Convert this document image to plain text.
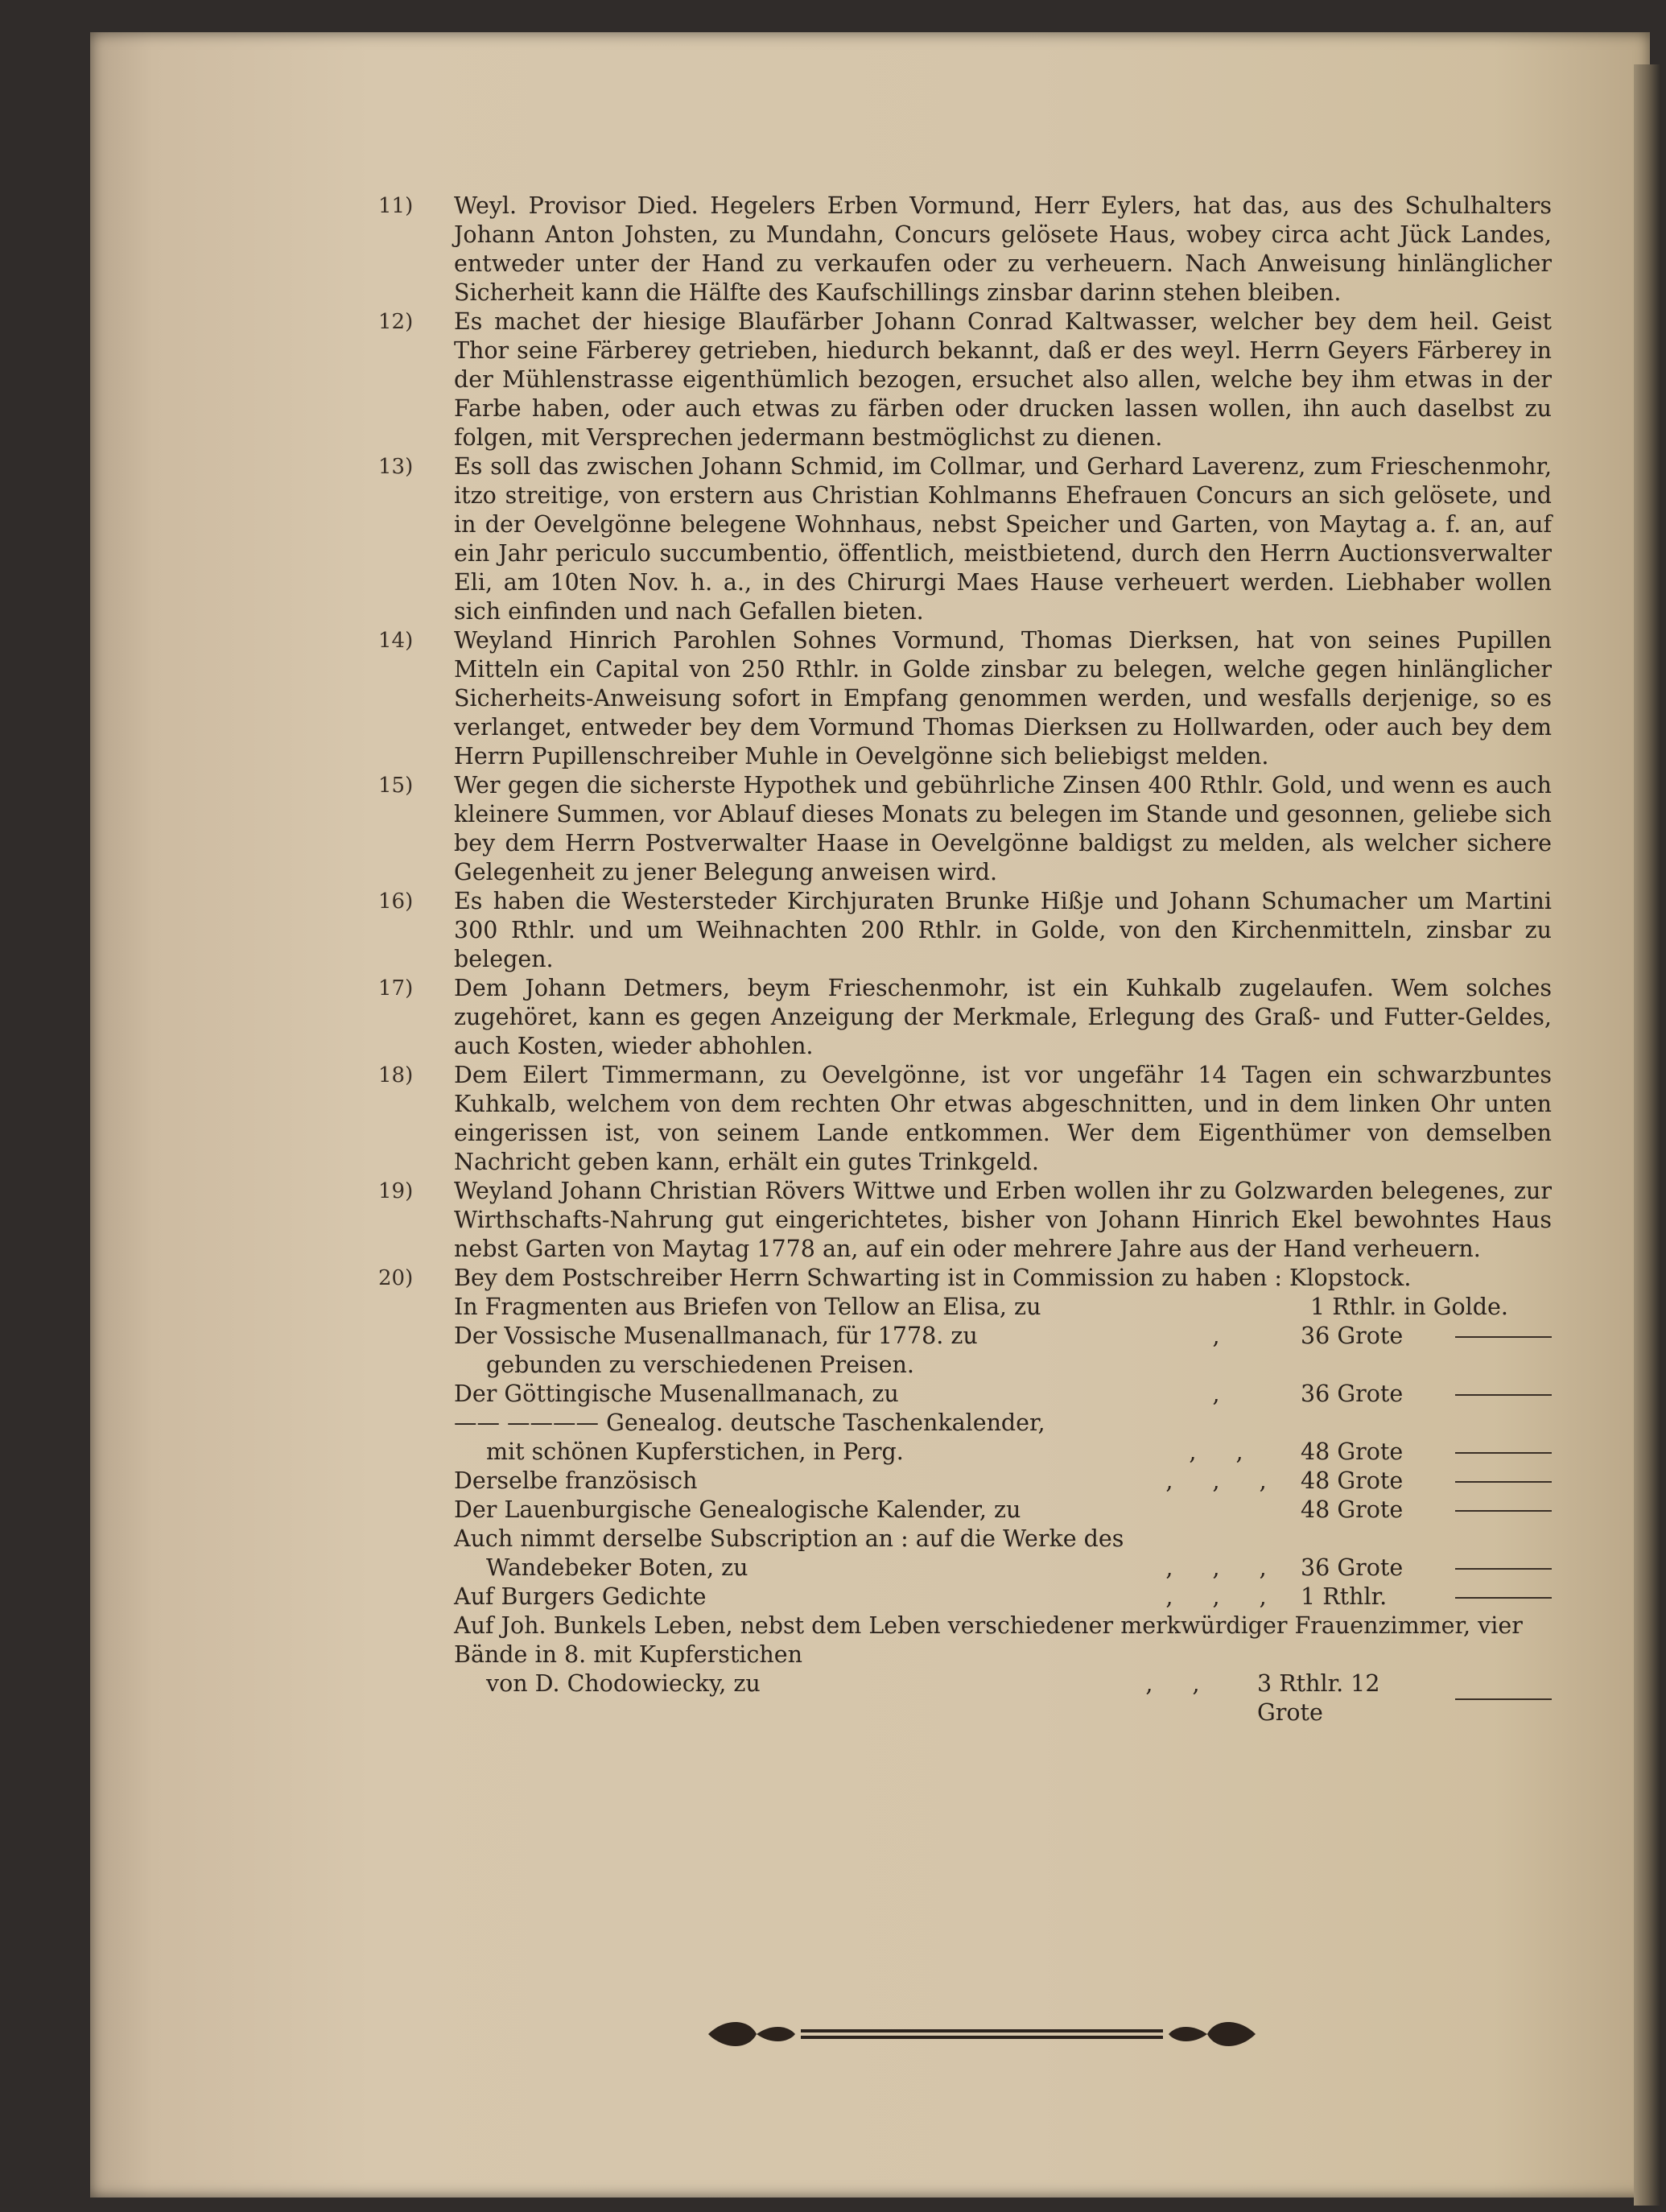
11)	Weyl. Provisor Died. Hegelers Erben Vormund, Herr Eylers, hat das, aus des Schulhalters Johann Anton Johsten, zu Mundahn, Concurs gelösete Haus, wobey circa acht Jück Landes, entweder unter der Hand zu verkaufen oder zu verheuern. Nach Anweisung hinlänglicher Sicherheit kann die Hälfte des Kaufschillings zinsbar darinn stehen bleiben.

12)	Es machet der hiesige Blaufärber Johann Conrad Kaltwasser, welcher bey dem heil. Geist Thor seine Färberey getrieben, hiedurch bekannt, daß er des weyl. Herrn Geyers Färberey in der Mühlenstrasse eigenthümlich bezogen, ersuchet also allen, welche bey ihm etwas in der Farbe haben, oder auch etwas zu färben oder drucken lassen wollen, ihn auch daselbst zu folgen, mit Versprechen jedermann bestmöglichst zu dienen.

13)	Es soll das zwischen Johann Schmid, im Collmar, und Gerhard Laverenz, zum Frieschenmohr, itzo streitige, von erstern aus Christian Kohlmanns Ehefrauen Concurs an sich gelösete, und in der Oevelgönne belegene Wohnhaus, nebst Speicher und Garten, von Maytag a. f. an, auf ein Jahr periculo succumbentio, öffentlich, meistbietend, durch den Herrn Auctionsverwalter Eli, am 10ten Nov. h. a., in des Chirurgi Maes Hause verheuert werden. Liebhaber wollen sich einfinden und nach Gefallen bieten.

14)	Weyland Hinrich Parohlen Sohnes Vormund, Thomas Dierksen, hat von seines Pupillen Mitteln ein Capital von 250 Rthlr. in Golde zinsbar zu belegen, welche gegen hinlänglicher Sicherheits-Anweisung sofort in Empfang genommen werden, und wesfalls derjenige, so es verlanget, entweder bey dem Vormund Thomas Dierksen zu Hollwarden, oder auch bey dem Herrn Pupillenschreiber Muhle in Oevelgönne sich beliebigst melden.

15)	Wer gegen die sicherste Hypothek und gebührliche Zinsen 400 Rthlr. Gold, und wenn es auch kleinere Summen, vor Ablauf dieses Monats zu belegen im Stande und gesonnen, geliebe sich bey dem Herrn Postverwalter Haase in Oevelgönne baldigst zu melden, als welcher sichere Gelegenheit zu jener Belegung anweisen wird.

16)	Es haben die Westersteder Kirchjuraten Brunke Hißje und Johann Schumacher um Martini 300 Rthlr. und um Weihnachten 200 Rthlr. in Golde, von den Kirchenmitteln, zinsbar zu belegen.

17)	Dem Johann Detmers, beym Frieschenmohr, ist ein Kuhkalb zugelaufen. Wem solches zugehöret, kann es gegen Anzeigung der Merkmale, Erlegung des Graß- und Futter-Geldes, auch Kosten, wieder abhohlen.

18)	Dem Eilert Timmermann, zu Oevelgönne, ist vor ungefähr 14 Tagen ein schwarzbuntes Kuhkalb, welchem von dem rechten Ohr etwas abgeschnitten, und in dem linken Ohr unten eingerissen ist, von seinem Lande entkommen. Wer dem Eigenthümer von demselben Nachricht geben kann, erhält ein gutes Trinkgeld.

19)	Weyland Johann Christian Rövers Wittwe und Erben wollen ihr zu Golzwarden belegenes, zur Wirthschafts-Nahrung gut eingerichtetes, bisher von Johann Hinrich Ekel bewohntes Haus nebst Garten von Maytag 1778 an, auf ein oder mehrere Jahre aus der Hand verheuern.

20)	Bey dem Postschreiber Herrn Schwarting ist in Commission zu haben : Klopstock.

In Fragmenten aus Briefen von Tellow an Elisa, zu	1 Rthlr. in Golde.
Der Vossische Musenallmanach, für 1778. zu	,	36 Grote
gebunden zu verschiedenen Preisen.
Der Göttingische Musenallmanach, zu	,	36 Grote
—— ———— Genealog. deutsche Taschenkalender,
mit schönen Kupferstichen, in Perg.	, ,	48 Grote
Derselbe französisch	, , , 48 Grote
Der Lauenburgische Genealogische Kalender, zu	48 Grote
Auch nimmt derselbe Subscription an : auf die Werke des
Wandebeker Boten, zu	, , , 36 Grote
Auf Burgers Gedichte	, , , 1 Rthlr.
Auf Joh. Bunkels Leben, nebst dem Leben verschiedener merkwürdiger Frauenzimmer, vier Bände in 8. mit Kupferstichen
von D. Chodowiecky, zu	, ,	3 Rthlr. 12 Grote
